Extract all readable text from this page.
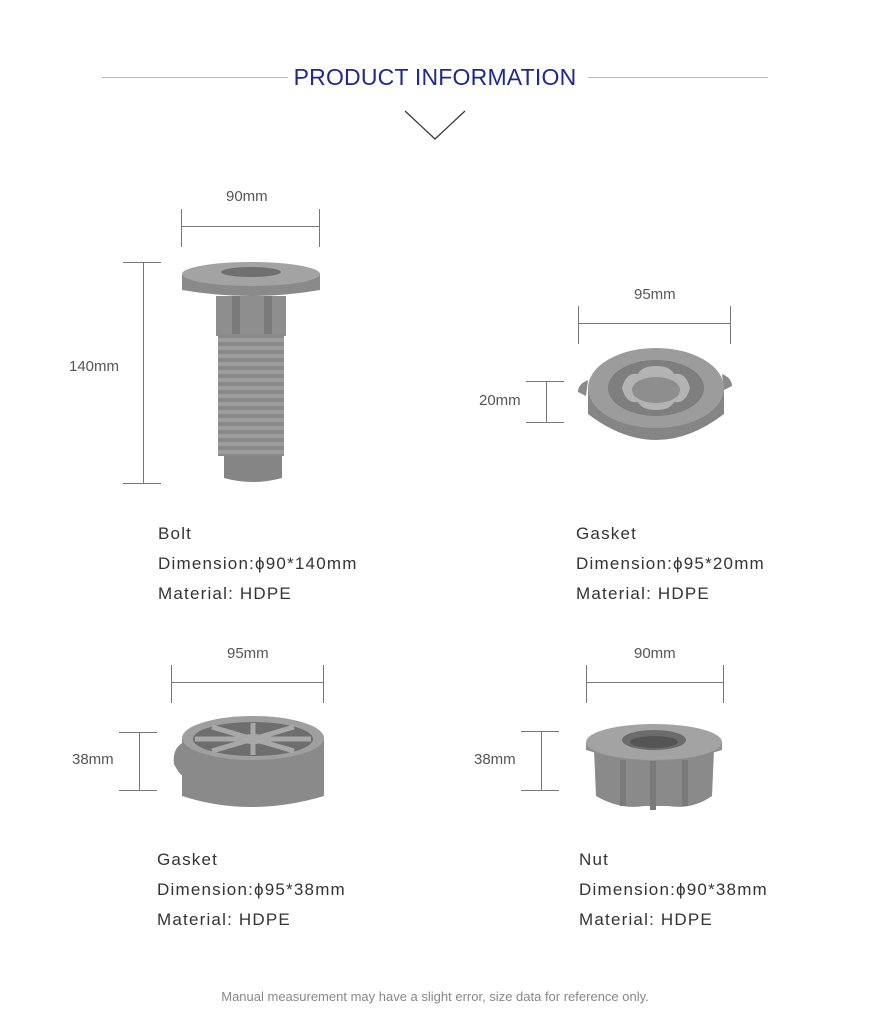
PRODUCT INFORMATION
90mm
140mm
Bolt
Dimension:ϕ90*140mm
Material: HDPE
95mm
20mm
Gasket
Dimension:ϕ95*20mm
Material: HDPE
95mm
38mm
Gasket
Dimension:ϕ95*38mm
Material: HDPE
90mm
38mm
Nut
Dimension:ϕ90*38mm
Material: HDPE
Manual measurement may have a slight error, size data for reference only.
